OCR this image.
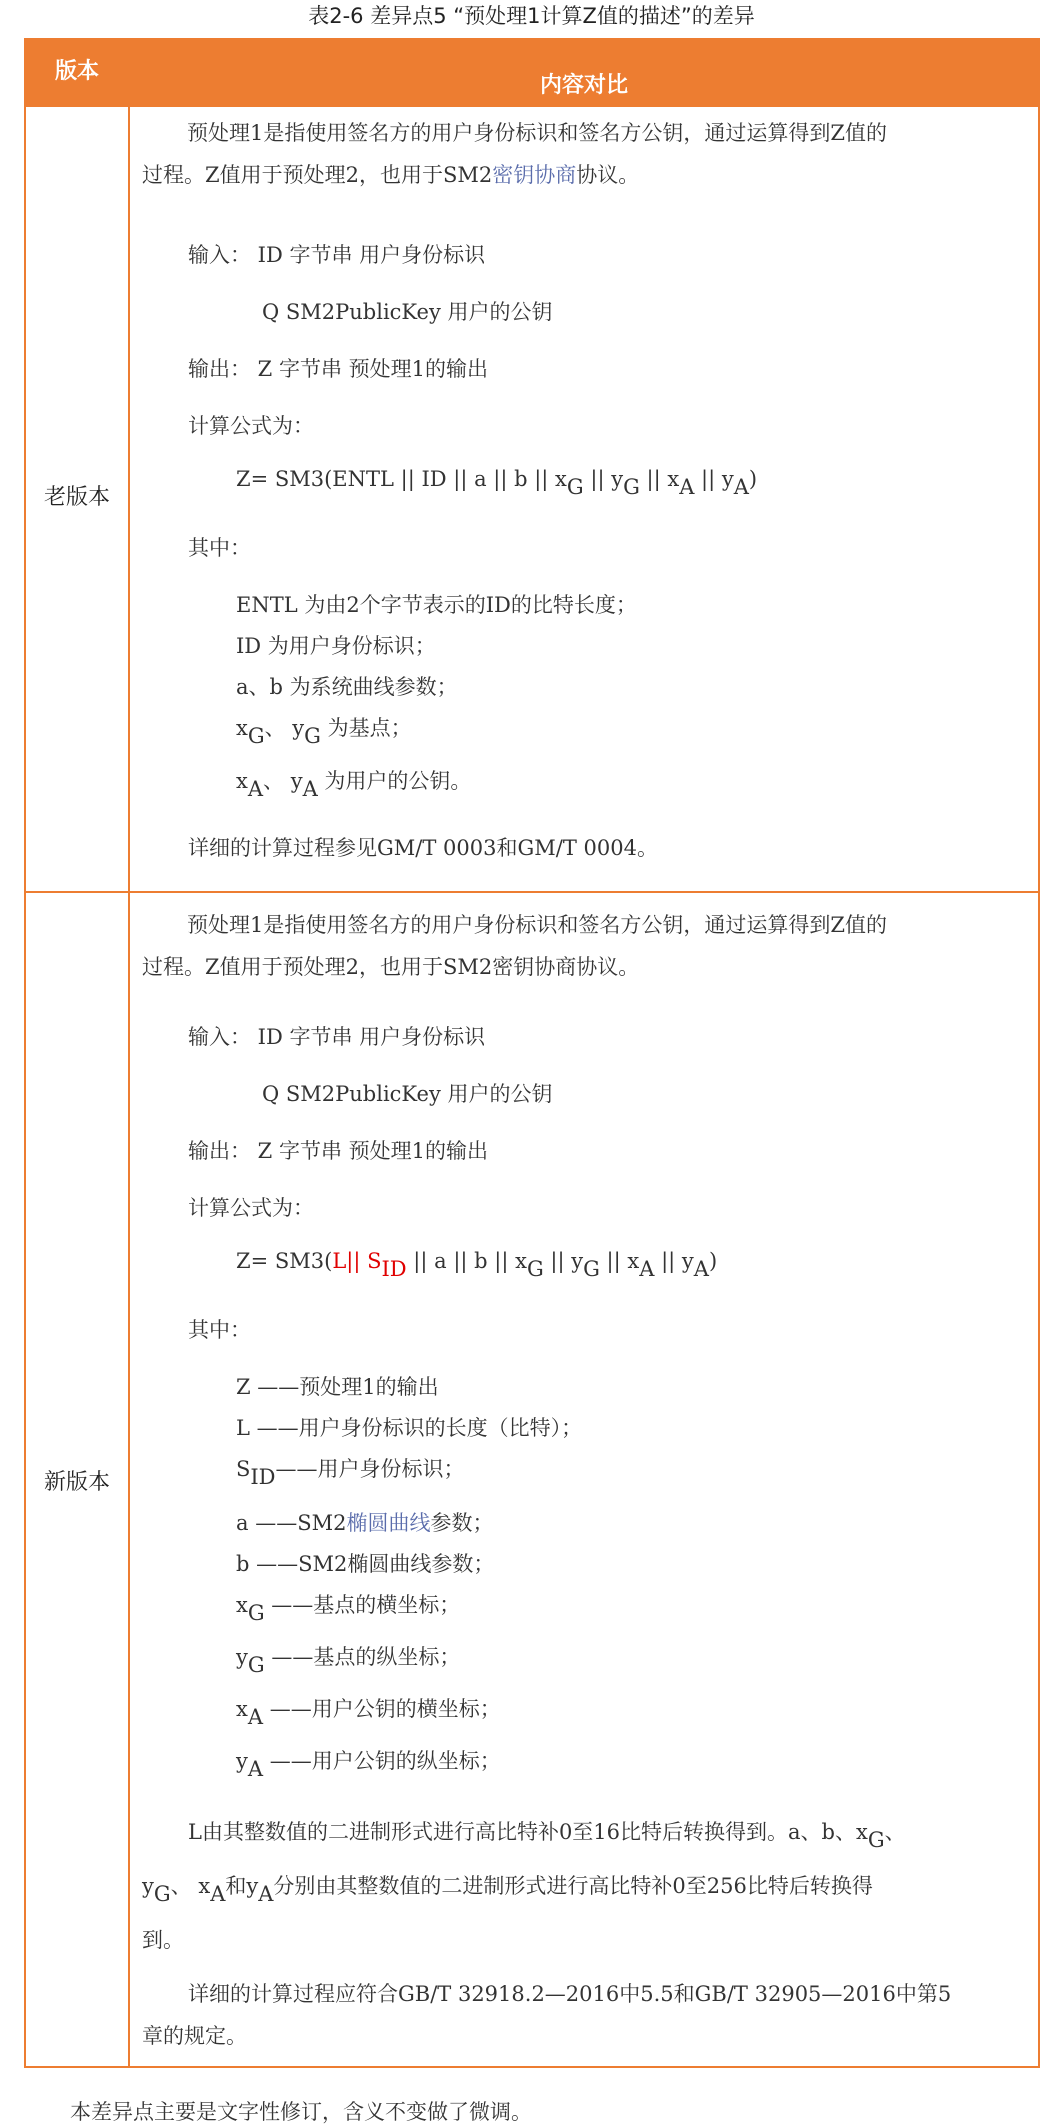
表2-6 差异点5 “预处理1计算Z值的描述”的差异
版本
内容对比
老版本

预处理1是指使用签名方的用户身份标识和签名方公钥，通过运算得到Z值的

过程。Z值用于预处理2，也用于SM2密钥协商协议。

输入： ID 字节串 用户身份标识
Q SM2PublicKey 用户的公钥
输出： Z 字节串 预处理1的输出
计算公式为：
Z= SM3(ENTL || ID || a || b || $x_G$ || $y_G$ || $x_A$ || $y_A$)
其中：
ENTL 为由2个字节表示的ID的比特长度；
ID 为用户身份标识；
a、b 为系统曲线参数；
$x_G$、 $y_G$ 为基点；
$x_A$、 $y_A$ 为用户的公钥。
详细的计算过程参见GM/T 0003和GM/T 0004。
新版本

预处理1是指使用签名方的用户身份标识和签名方公钥，通过运算得到Z值的

过程。Z值用于预处理2，也用于SM2密钥协商协议。

输入： ID 字节串 用户身份标识
Q SM2PublicKey 用户的公钥
输出： Z 字节串 预处理1的输出
计算公式为：
Z= SM3(L|| $S_{ID}$ || a || b || $x_G$ || $y_G$ || $x_A$ || $y_A$)
其中：
Z ——预处理1的输出
L ——用户身份标识的长度（比特）；
$S_{ID}——$用户身份标识；
a ——SM2椭圆曲线参数；
b ——SM2椭圆曲线参数；
$x_G$ ——基点的横坐标；
$y_G$ ——基点的纵坐标；
$x_A$ ——用户公钥的横坐标；
$y_A$ ——用户公钥的纵坐标；
L由其整数值的二进制形式进行高比特补0至16比特后转换得到。a、b、$x_G$、
$y_G$、 $x_A$和$y_A$分别由其整数值的二进制形式进行高比特补0至256比特后转换得
到。
详细的计算过程应符合GB/T 32918.2—2016中5.5和GB/T 32905—2016中第5
章的规定。
本差异点主要是文字性修订，含义不变做了微调。
